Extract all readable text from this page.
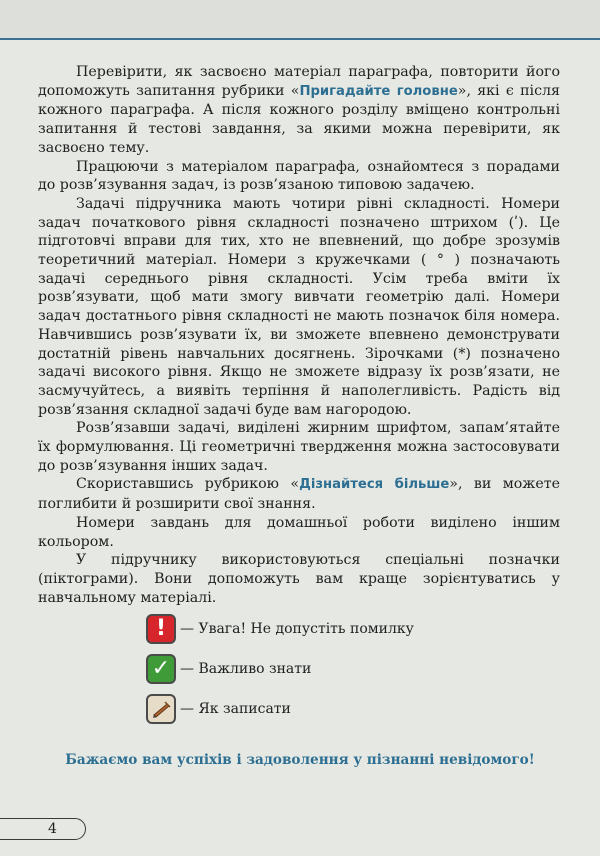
Перевірити, як засвоєно матеріал параграфа, повторити його допоможуть запитання рубрики «Пригадайте головне», які є після кожного параграфа. А після кожного розділу вміщено контрольні запитання й тестові завдання, за якими можна перевірити, як засвоєно тему.

Працюючи з матеріалом параграфа, ознайомтеся з порадами до розв’язування задач, із розв’язаною типовою задачею.

Задачі підручника мають чотири рівні складності. Номери задач початкового рівня складності позначено штрихом (ʹ). Це підготовчі вправи для тих, хто не впевнений, що добре зрозумів теоретичний матеріал. Номери з кружечками ( ° ) позначають задачі середнього рівня складності. Усім треба вміти їх розв’язувати, щоб мати змогу вивчати геометрію далі. Номери задач достатнього рівня складності не мають позначок біля номера. Навчившись розв’язувати їх, ви зможете впевнено демонструвати достатній рівень навчальних досягнень. Зірочками (*) позначено задачі високого рівня. Якщо не зможете відразу їх розв’язати, не засмучуйтесь, а виявіть терпіння й наполегливість. Радість від розв’язання складної задачі буде вам нагородою.

Розв’язавши задачі, виділені жирним шрифтом, запам’ятайте їх формулювання. Ці геометричні твердження можна застосовувати до розв’язування інших задач.

Скориставшись рубрикою «Дізнайтеся більше», ви можете поглибити й розширити свої знання.

Номери завдань для домашньої роботи виділено іншим кольором.

У підручнику використовуються спеціальні позначки (піктограми). Вони допоможуть вам краще зорієнтуватись у навчальному матеріалі.

! — Увага! Не допустіть помилку
✓ — Важливо знати
— Як записати
Бажаємо вам успіхів і задоволення у пізнанні невідомого!
4
